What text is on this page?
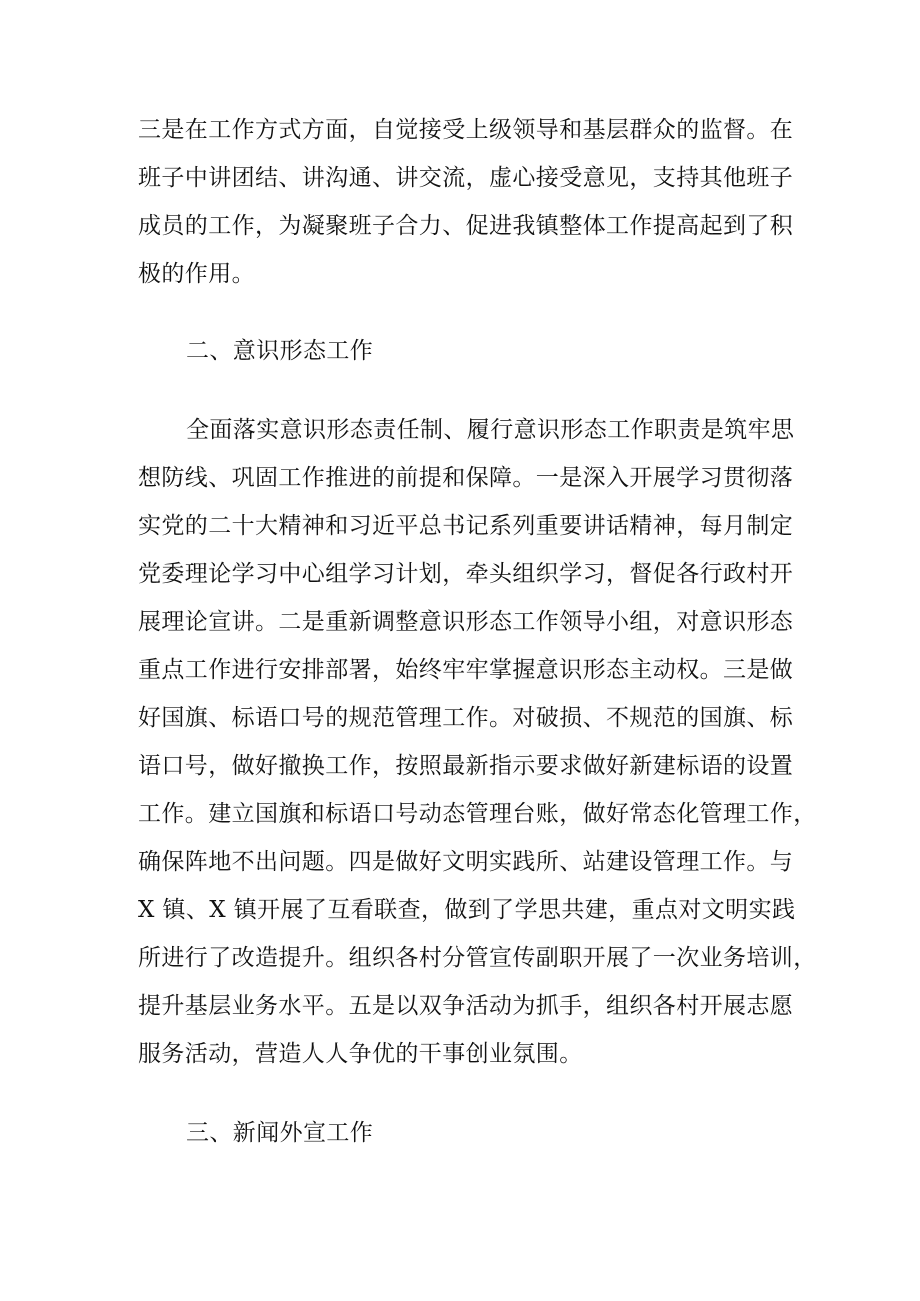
三是在工作方式方面，自觉接受上级领导和基层群众的监督。在
班子中讲团结、讲沟通、讲交流，虚心接受意见，支持其他班子
成员的工作，为凝聚班子合力、促进我镇整体工作提高起到了积
极的作用。
二、意识形态工作
全面落实意识形态责任制、履行意识形态工作职责是筑牢思
想防线、巩固工作推进的前提和保障。一是深入开展学习贯彻落
实党的二十大精神和习近平总书记系列重要讲话精神，每月制定
党委理论学习中心组学习计划，牵头组织学习，督促各行政村开
展理论宣讲。二是重新调整意识形态工作领导小组，对意识形态
重点工作进行安排部署，始终牢牢掌握意识形态主动权。三是做
好国旗、标语口号的规范管理工作。对破损、不规范的国旗、标
语口号，做好撤换工作，按照最新指示要求做好新建标语的设置
工作。建立国旗和标语口号动态管理台账，做好常态化管理工作，
确保阵地不出问题。四是做好文明实践所、站建设管理工作。与
X 镇、X 镇开展了互看联查，做到了学思共建，重点对文明实践
所进行了改造提升。组织各村分管宣传副职开展了一次业务培训，
提升基层业务水平。五是以双争活动为抓手，组织各村开展志愿
服务活动，营造人人争优的干事创业氛围。
三、新闻外宣工作
